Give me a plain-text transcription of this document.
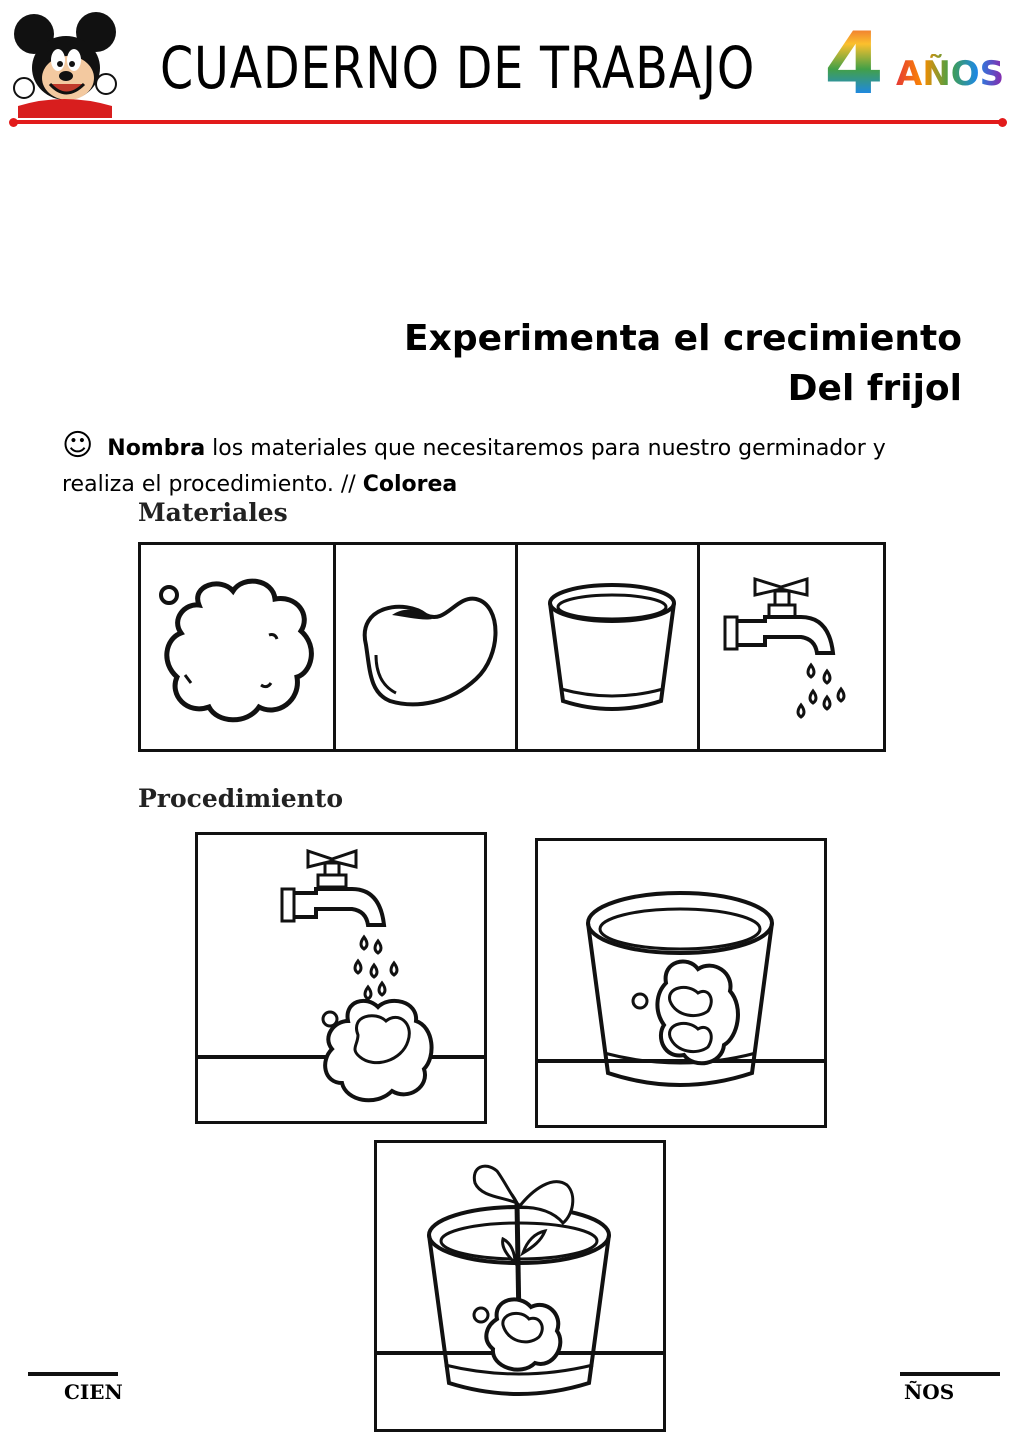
CUADERNO DE TRABAJO 4 AÑOS
Experimenta el crecimiento
Del frijol
☺ Nombra los materiales que necesitaremos para nuestro germinador y realiza el procedimiento. // Colorea
Materiales
Procedimiento
CIEN	ÑOS
